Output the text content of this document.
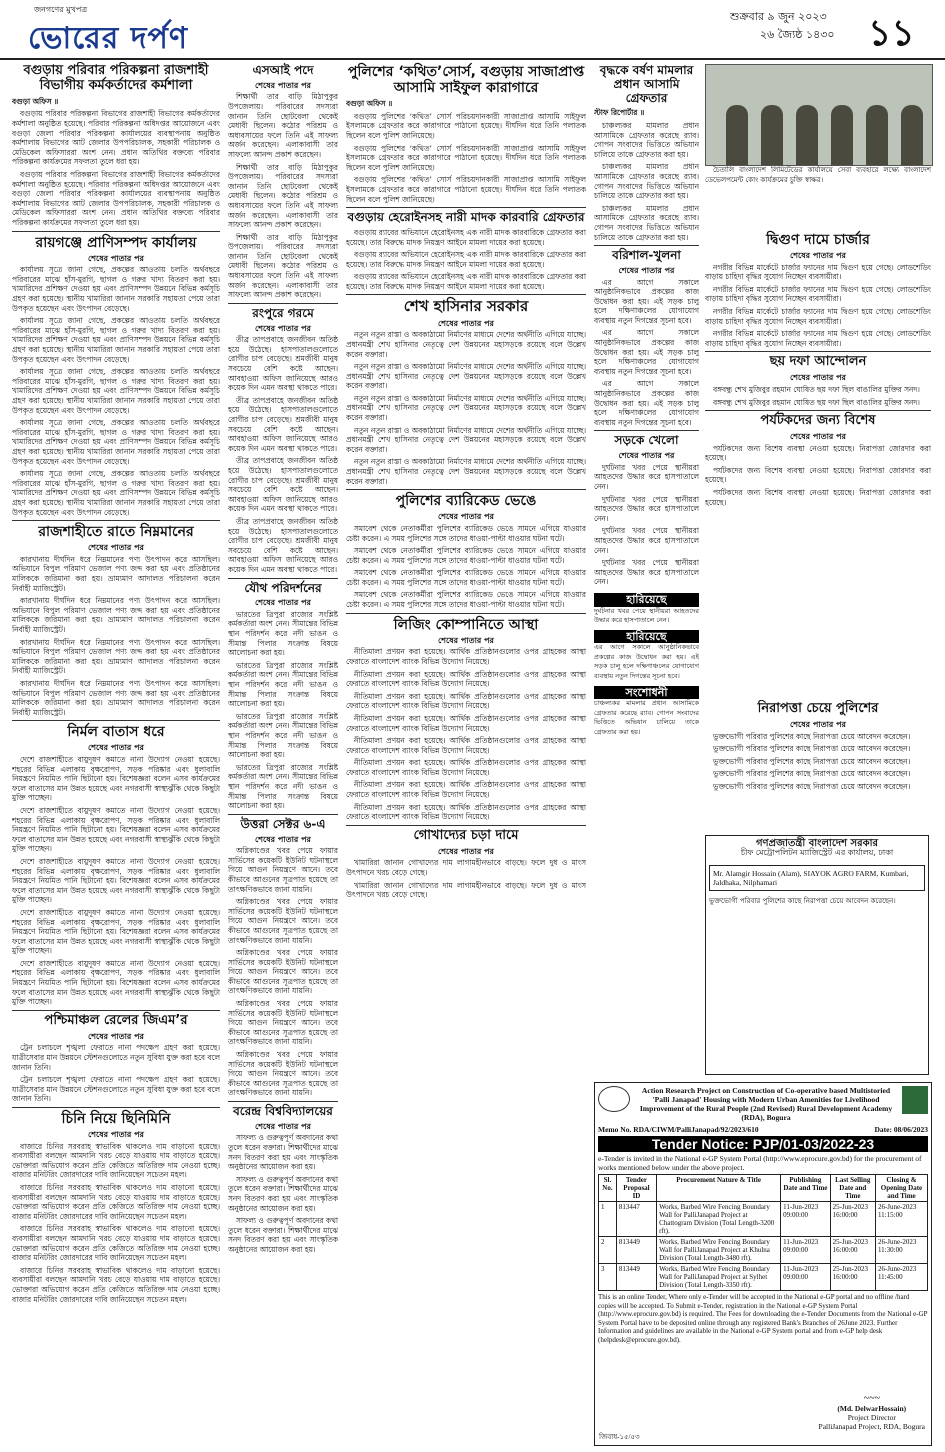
জনগণের মুখপত্র
ভোরের দর্পণ
শুক্রবার ৯ জুন ২০২৩
২৬ জ্যৈষ্ঠ ১৪৩০ ১১
বগুড়ায় পরিবার পরিকল্পনা রাজশাহী বিভাগীয় কর্মকর্তাদের কর্মশালা

বগুড়া অফিস ॥

বগুড়ায় পরিবার পরিকল্পনা বিভাগের রাজশাহী বিভাগের কর্মকর্তাদের কর্মশালা অনুষ্ঠিত হয়েছে। পরিবার পরিকল্পনা অধিদপ্তর আয়োজনে এবং বগুড়া জেলা পরিবার পরিকল্পনা কার্যালয়ের ব্যবস্থাপনায় অনুষ্ঠিত কর্মশালায় বিভাগের আট জেলার উপপরিচালক, সহকারী পরিচালক ও মেডিকেল অফিসাররা অংশ নেন। প্রধান অতিথির বক্তব্যে পরিবার পরিকল্পনা কার্যক্রমের সফলতা তুলে ধরা হয়।

বগুড়ায় পরিবার পরিকল্পনা বিভাগের রাজশাহী বিভাগের কর্মকর্তাদের কর্মশালা অনুষ্ঠিত হয়েছে। পরিবার পরিকল্পনা অধিদপ্তর আয়োজনে এবং বগুড়া জেলা পরিবার পরিকল্পনা কার্যালয়ের ব্যবস্থাপনায় অনুষ্ঠিত কর্মশালায় বিভাগের আট জেলার উপপরিচালক, সহকারী পরিচালক ও মেডিকেল অফিসাররা অংশ নেন। প্রধান অতিথির বক্তব্যে পরিবার পরিকল্পনা কার্যক্রমের সফলতা তুলে ধরা হয়।

রায়গঞ্জে প্রাণিসম্পদ কার্যালয়
শেষের পাতার পর

কার্যালয় সূত্রে জানা গেছে, প্রকল্পের আওতায় চলতি অর্থবছরে পরিবারের মাঝে হাঁস-মুরগি, ছাগল ও গরুর খাদ্য বিতরণ করা হয়। খামারিদের প্রশিক্ষণ দেওয়া হয় এবং প্রাণিসম্পদ উন্নয়নে বিভিন্ন কর্মসূচি গ্রহণ করা হয়েছে। স্থানীয় খামারিরা জানান সরকারি সহায়তা পেয়ে তারা উপকৃত হয়েছেন এবং উৎপাদন বেড়েছে।

কার্যালয় সূত্রে জানা গেছে, প্রকল্পের আওতায় চলতি অর্থবছরে পরিবারের মাঝে হাঁস-মুরগি, ছাগল ও গরুর খাদ্য বিতরণ করা হয়। খামারিদের প্রশিক্ষণ দেওয়া হয় এবং প্রাণিসম্পদ উন্নয়নে বিভিন্ন কর্মসূচি গ্রহণ করা হয়েছে। স্থানীয় খামারিরা জানান সরকারি সহায়তা পেয়ে তারা উপকৃত হয়েছেন এবং উৎপাদন বেড়েছে।

কার্যালয় সূত্রে জানা গেছে, প্রকল্পের আওতায় চলতি অর্থবছরে পরিবারের মাঝে হাঁস-মুরগি, ছাগল ও গরুর খাদ্য বিতরণ করা হয়। খামারিদের প্রশিক্ষণ দেওয়া হয় এবং প্রাণিসম্পদ উন্নয়নে বিভিন্ন কর্মসূচি গ্রহণ করা হয়েছে। স্থানীয় খামারিরা জানান সরকারি সহায়তা পেয়ে তারা উপকৃত হয়েছেন এবং উৎপাদন বেড়েছে।

কার্যালয় সূত্রে জানা গেছে, প্রকল্পের আওতায় চলতি অর্থবছরে পরিবারের মাঝে হাঁস-মুরগি, ছাগল ও গরুর খাদ্য বিতরণ করা হয়। খামারিদের প্রশিক্ষণ দেওয়া হয় এবং প্রাণিসম্পদ উন্নয়নে বিভিন্ন কর্মসূচি গ্রহণ করা হয়েছে। স্থানীয় খামারিরা জানান সরকারি সহায়তা পেয়ে তারা উপকৃত হয়েছেন এবং উৎপাদন বেড়েছে।

কার্যালয় সূত্রে জানা গেছে, প্রকল্পের আওতায় চলতি অর্থবছরে পরিবারের মাঝে হাঁস-মুরগি, ছাগল ও গরুর খাদ্য বিতরণ করা হয়। খামারিদের প্রশিক্ষণ দেওয়া হয় এবং প্রাণিসম্পদ উন্নয়নে বিভিন্ন কর্মসূচি গ্রহণ করা হয়েছে। স্থানীয় খামারিরা জানান সরকারি সহায়তা পেয়ে তারা উপকৃত হয়েছেন এবং উৎপাদন বেড়েছে।

রাজশাহীতে রাতে নিম্নমানের
শেষের পাতার পর

কারখানায় দীর্ঘদিন ধরে নিম্নমানের পণ্য উৎপাদন করে আসছিল। অভিযানে বিপুল পরিমাণ ভেজাল পণ্য জব্দ করা হয় এবং প্রতিষ্ঠানের মালিককে জরিমানা করা হয়। ভ্রাম্যমাণ আদালত পরিচালনা করেন নির্বাহী ম্যাজিস্ট্রেট।

কারখানায় দীর্ঘদিন ধরে নিম্নমানের পণ্য উৎপাদন করে আসছিল। অভিযানে বিপুল পরিমাণ ভেজাল পণ্য জব্দ করা হয় এবং প্রতিষ্ঠানের মালিককে জরিমানা করা হয়। ভ্রাম্যমাণ আদালত পরিচালনা করেন নির্বাহী ম্যাজিস্ট্রেট।

কারখানায় দীর্ঘদিন ধরে নিম্নমানের পণ্য উৎপাদন করে আসছিল। অভিযানে বিপুল পরিমাণ ভেজাল পণ্য জব্দ করা হয় এবং প্রতিষ্ঠানের মালিককে জরিমানা করা হয়। ভ্রাম্যমাণ আদালত পরিচালনা করেন নির্বাহী ম্যাজিস্ট্রেট।

কারখানায় দীর্ঘদিন ধরে নিম্নমানের পণ্য উৎপাদন করে আসছিল। অভিযানে বিপুল পরিমাণ ভেজাল পণ্য জব্দ করা হয় এবং প্রতিষ্ঠানের মালিককে জরিমানা করা হয়। ভ্রাম্যমাণ আদালত পরিচালনা করেন নির্বাহী ম্যাজিস্ট্রেট।

নির্মল বাতাস ধরে
শেষের পাতার পর

দেশে রাজশাহীতে বায়ুদূষণ কমাতে নানা উদ্যোগ নেওয়া হয়েছে। শহরের বিভিন্ন এলাকায় বৃক্ষরোপণ, সড়ক পরিষ্কার এবং ধুলাবালি নিয়ন্ত্রণে নিয়মিত পানি ছিটানো হয়। বিশেষজ্ঞরা বলেন এসব কার্যক্রমের ফলে বাতাসের মান উন্নত হয়েছে এবং নগরবাসী স্বাস্থ্যঝুঁকি থেকে কিছুটা মুক্তি পাচ্ছেন।

দেশে রাজশাহীতে বায়ুদূষণ কমাতে নানা উদ্যোগ নেওয়া হয়েছে। শহরের বিভিন্ন এলাকায় বৃক্ষরোপণ, সড়ক পরিষ্কার এবং ধুলাবালি নিয়ন্ত্রণে নিয়মিত পানি ছিটানো হয়। বিশেষজ্ঞরা বলেন এসব কার্যক্রমের ফলে বাতাসের মান উন্নত হয়েছে এবং নগরবাসী স্বাস্থ্যঝুঁকি থেকে কিছুটা মুক্তি পাচ্ছেন।

দেশে রাজশাহীতে বায়ুদূষণ কমাতে নানা উদ্যোগ নেওয়া হয়েছে। শহরের বিভিন্ন এলাকায় বৃক্ষরোপণ, সড়ক পরিষ্কার এবং ধুলাবালি নিয়ন্ত্রণে নিয়মিত পানি ছিটানো হয়। বিশেষজ্ঞরা বলেন এসব কার্যক্রমের ফলে বাতাসের মান উন্নত হয়েছে এবং নগরবাসী স্বাস্থ্যঝুঁকি থেকে কিছুটা মুক্তি পাচ্ছেন।

দেশে রাজশাহীতে বায়ুদূষণ কমাতে নানা উদ্যোগ নেওয়া হয়েছে। শহরের বিভিন্ন এলাকায় বৃক্ষরোপণ, সড়ক পরিষ্কার এবং ধুলাবালি নিয়ন্ত্রণে নিয়মিত পানি ছিটানো হয়। বিশেষজ্ঞরা বলেন এসব কার্যক্রমের ফলে বাতাসের মান উন্নত হয়েছে এবং নগরবাসী স্বাস্থ্যঝুঁকি থেকে কিছুটা মুক্তি পাচ্ছেন।

দেশে রাজশাহীতে বায়ুদূষণ কমাতে নানা উদ্যোগ নেওয়া হয়েছে। শহরের বিভিন্ন এলাকায় বৃক্ষরোপণ, সড়ক পরিষ্কার এবং ধুলাবালি নিয়ন্ত্রণে নিয়মিত পানি ছিটানো হয়। বিশেষজ্ঞরা বলেন এসব কার্যক্রমের ফলে বাতাসের মান উন্নত হয়েছে এবং নগরবাসী স্বাস্থ্যঝুঁকি থেকে কিছুটা মুক্তি পাচ্ছেন।

পশ্চিমাঞ্চল রেলের জিএম’র
শেষের পাতার পর

ট্রেন চলাচলে শৃঙ্খলা ফেরাতে নানা পদক্ষেপ গ্রহণ করা হয়েছে। যাত্রীসেবার মান উন্নয়নে স্টেশনগুলোতে নতুন সুবিধা যুক্ত করা হবে বলে জানান তিনি।

ট্রেন চলাচলে শৃঙ্খলা ফেরাতে নানা পদক্ষেপ গ্রহণ করা হয়েছে। যাত্রীসেবার মান উন্নয়নে স্টেশনগুলোতে নতুন সুবিধা যুক্ত করা হবে বলে জানান তিনি।

চিনি নিয়ে ছিনিমিনি
শেষের পাতার পর

বাজারে চিনির সরবরাহ স্বাভাবিক থাকলেও দাম বাড়ানো হয়েছে। ব্যবসায়ীরা বলছেন আমদানি খরচ বেড়ে যাওয়ায় দাম বাড়াতে হয়েছে। ভোক্তারা অভিযোগ করেন প্রতি কেজিতে অতিরিক্ত দাম নেওয়া হচ্ছে। বাজার মনিটরিং জোরদারের দাবি জানিয়েছেন সচেতন মহল।

বাজারে চিনির সরবরাহ স্বাভাবিক থাকলেও দাম বাড়ানো হয়েছে। ব্যবসায়ীরা বলছেন আমদানি খরচ বেড়ে যাওয়ায় দাম বাড়াতে হয়েছে। ভোক্তারা অভিযোগ করেন প্রতি কেজিতে অতিরিক্ত দাম নেওয়া হচ্ছে। বাজার মনিটরিং জোরদারের দাবি জানিয়েছেন সচেতন মহল।

বাজারে চিনির সরবরাহ স্বাভাবিক থাকলেও দাম বাড়ানো হয়েছে। ব্যবসায়ীরা বলছেন আমদানি খরচ বেড়ে যাওয়ায় দাম বাড়াতে হয়েছে। ভোক্তারা অভিযোগ করেন প্রতি কেজিতে অতিরিক্ত দাম নেওয়া হচ্ছে। বাজার মনিটরিং জোরদারের দাবি জানিয়েছেন সচেতন মহল।

বাজারে চিনির সরবরাহ স্বাভাবিক থাকলেও দাম বাড়ানো হয়েছে। ব্যবসায়ীরা বলছেন আমদানি খরচ বেড়ে যাওয়ায় দাম বাড়াতে হয়েছে। ভোক্তারা অভিযোগ করেন প্রতি কেজিতে অতিরিক্ত দাম নেওয়া হচ্ছে। বাজার মনিটরিং জোরদারের দাবি জানিয়েছেন সচেতন মহল।

এসআই পদে
শেষের পাতার পর

শিক্ষার্থী তার বাড়ি মিঠাপুকুর উপজেলায়। পরিবারের সদস্যরা জানান তিনি ছোটবেলা থেকেই মেধাবী ছিলেন। কঠোর পরিশ্রম ও অধ্যবসায়ের ফলে তিনি এই সাফল্য অর্জন করেছেন। এলাকাবাসী তার সাফল্যে আনন্দ প্রকাশ করেছেন।

শিক্ষার্থী তার বাড়ি মিঠাপুকুর উপজেলায়। পরিবারের সদস্যরা জানান তিনি ছোটবেলা থেকেই মেধাবী ছিলেন। কঠোর পরিশ্রম ও অধ্যবসায়ের ফলে তিনি এই সাফল্য অর্জন করেছেন। এলাকাবাসী তার সাফল্যে আনন্দ প্রকাশ করেছেন।

শিক্ষার্থী তার বাড়ি মিঠাপুকুর উপজেলায়। পরিবারের সদস্যরা জানান তিনি ছোটবেলা থেকেই মেধাবী ছিলেন। কঠোর পরিশ্রম ও অধ্যবসায়ের ফলে তিনি এই সাফল্য অর্জন করেছেন। এলাকাবাসী তার সাফল্যে আনন্দ প্রকাশ করেছেন।

রংপুরে গরমে
শেষের পাতার পর

তীব্র তাপপ্রবাহে জনজীবন অতিষ্ঠ হয়ে উঠেছে। হাসপাতালগুলোতে রোগীর চাপ বেড়েছে। শ্রমজীবী মানুষ সবচেয়ে বেশি কষ্টে আছেন। আবহাওয়া অফিস জানিয়েছে আরও কয়েক দিন এমন অবস্থা থাকতে পারে।

তীব্র তাপপ্রবাহে জনজীবন অতিষ্ঠ হয়ে উঠেছে। হাসপাতালগুলোতে রোগীর চাপ বেড়েছে। শ্রমজীবী মানুষ সবচেয়ে বেশি কষ্টে আছেন। আবহাওয়া অফিস জানিয়েছে আরও কয়েক দিন এমন অবস্থা থাকতে পারে।

তীব্র তাপপ্রবাহে জনজীবন অতিষ্ঠ হয়ে উঠেছে। হাসপাতালগুলোতে রোগীর চাপ বেড়েছে। শ্রমজীবী মানুষ সবচেয়ে বেশি কষ্টে আছেন। আবহাওয়া অফিস জানিয়েছে আরও কয়েক দিন এমন অবস্থা থাকতে পারে।

তীব্র তাপপ্রবাহে জনজীবন অতিষ্ঠ হয়ে উঠেছে। হাসপাতালগুলোতে রোগীর চাপ বেড়েছে। শ্রমজীবী মানুষ সবচেয়ে বেশি কষ্টে আছেন। আবহাওয়া অফিস জানিয়েছে আরও কয়েক দিন এমন অবস্থা থাকতে পারে।

যৌথ পরিদর্শনের
শেষের পাতার পর

ভারতের ত্রিপুরা রাজ্যের সংশ্লিষ্ট কর্মকর্তারা অংশ নেন। সীমান্তের বিভিন্ন স্থান পরিদর্শন করে নদী ভাঙন ও সীমান্ত পিলার সংক্রান্ত বিষয়ে আলোচনা করা হয়।

ভারতের ত্রিপুরা রাজ্যের সংশ্লিষ্ট কর্মকর্তারা অংশ নেন। সীমান্তের বিভিন্ন স্থান পরিদর্শন করে নদী ভাঙন ও সীমান্ত পিলার সংক্রান্ত বিষয়ে আলোচনা করা হয়।

ভারতের ত্রিপুরা রাজ্যের সংশ্লিষ্ট কর্মকর্তারা অংশ নেন। সীমান্তের বিভিন্ন স্থান পরিদর্শন করে নদী ভাঙন ও সীমান্ত পিলার সংক্রান্ত বিষয়ে আলোচনা করা হয়।

ভারতের ত্রিপুরা রাজ্যের সংশ্লিষ্ট কর্মকর্তারা অংশ নেন। সীমান্তের বিভিন্ন স্থান পরিদর্শন করে নদী ভাঙন ও সীমান্ত পিলার সংক্রান্ত বিষয়ে আলোচনা করা হয়।

উত্তরা সেক্টর ৬-এ
শেষের পাতার পর

অগ্নিকাণ্ডের খবর পেয়ে ফায়ার সার্ভিসের কয়েকটি ইউনিট ঘটনাস্থলে গিয়ে আগুন নিয়ন্ত্রণে আনে। তবে কীভাবে আগুনের সূত্রপাত হয়েছে তা তাৎক্ষণিকভাবে জানা যায়নি।

অগ্নিকাণ্ডের খবর পেয়ে ফায়ার সার্ভিসের কয়েকটি ইউনিট ঘটনাস্থলে গিয়ে আগুন নিয়ন্ত্রণে আনে। তবে কীভাবে আগুনের সূত্রপাত হয়েছে তা তাৎক্ষণিকভাবে জানা যায়নি।

অগ্নিকাণ্ডের খবর পেয়ে ফায়ার সার্ভিসের কয়েকটি ইউনিট ঘটনাস্থলে গিয়ে আগুন নিয়ন্ত্রণে আনে। তবে কীভাবে আগুনের সূত্রপাত হয়েছে তা তাৎক্ষণিকভাবে জানা যায়নি।

অগ্নিকাণ্ডের খবর পেয়ে ফায়ার সার্ভিসের কয়েকটি ইউনিট ঘটনাস্থলে গিয়ে আগুন নিয়ন্ত্রণে আনে। তবে কীভাবে আগুনের সূত্রপাত হয়েছে তা তাৎক্ষণিকভাবে জানা যায়নি।

অগ্নিকাণ্ডের খবর পেয়ে ফায়ার সার্ভিসের কয়েকটি ইউনিট ঘটনাস্থলে গিয়ে আগুন নিয়ন্ত্রণে আনে। তবে কীভাবে আগুনের সূত্রপাত হয়েছে তা তাৎক্ষণিকভাবে জানা যায়নি।

বরেন্দ্র বিশ্ববিদ্যালয়ের
শেষের পাতার পর

সাফল্য ও গুরুত্বপূর্ণ অবদানের কথা তুলে ধরেন বক্তারা। শিক্ষার্থীদের মাঝে সনদ বিতরণ করা হয় এবং সাংস্কৃতিক অনুষ্ঠানের আয়োজন করা হয়।

সাফল্য ও গুরুত্বপূর্ণ অবদানের কথা তুলে ধরেন বক্তারা। শিক্ষার্থীদের মাঝে সনদ বিতরণ করা হয় এবং সাংস্কৃতিক অনুষ্ঠানের আয়োজন করা হয়।

সাফল্য ও গুরুত্বপূর্ণ অবদানের কথা তুলে ধরেন বক্তারা। শিক্ষার্থীদের মাঝে সনদ বিতরণ করা হয় এবং সাংস্কৃতিক অনুষ্ঠানের আয়োজন করা হয়।

পুলিশের ‘কথিত’সোর্স, বগুড়ায় সাজাপ্রাপ্ত আসামি সাইফুল কারাগারে

বগুড়া অফিস ॥

বগুড়ায় পুলিশের ‘কথিত’ সোর্স পরিচয়দানকারী সাজাপ্রাপ্ত আসামি সাইফুল ইসলামকে গ্রেফতার করে কারাগারে পাঠানো হয়েছে। দীর্ঘদিন ধরে তিনি পলাতক ছিলেন বলে পুলিশ জানিয়েছে।

বগুড়ায় পুলিশের ‘কথিত’ সোর্স পরিচয়দানকারী সাজাপ্রাপ্ত আসামি সাইফুল ইসলামকে গ্রেফতার করে কারাগারে পাঠানো হয়েছে। দীর্ঘদিন ধরে তিনি পলাতক ছিলেন বলে পুলিশ জানিয়েছে।

বগুড়ায় পুলিশের ‘কথিত’ সোর্স পরিচয়দানকারী সাজাপ্রাপ্ত আসামি সাইফুল ইসলামকে গ্রেফতার করে কারাগারে পাঠানো হয়েছে। দীর্ঘদিন ধরে তিনি পলাতক ছিলেন বলে পুলিশ জানিয়েছে।

বগুড়ায় হেরোইনসহ নারী মাদক কারবারি গ্রেফতার

বগুড়ায় র‌্যাবের অভিযানে হেরোইনসহ এক নারী মাদক কারবারিকে গ্রেফতার করা হয়েছে। তার বিরুদ্ধে মাদক নিয়ন্ত্রণ আইনে মামলা দায়ের করা হয়েছে।

বগুড়ায় র‌্যাবের অভিযানে হেরোইনসহ এক নারী মাদক কারবারিকে গ্রেফতার করা হয়েছে। তার বিরুদ্ধে মাদক নিয়ন্ত্রণ আইনে মামলা দায়ের করা হয়েছে।

বগুড়ায় র‌্যাবের অভিযানে হেরোইনসহ এক নারী মাদক কারবারিকে গ্রেফতার করা হয়েছে। তার বিরুদ্ধে মাদক নিয়ন্ত্রণ আইনে মামলা দায়ের করা হয়েছে।

শেখ হাসিনার সরকার
শেষের পাতার পর

নতুন নতুন রাস্তা ও অবকাঠামো নির্মাণের মাধ্যমে দেশের অর্থনীতি এগিয়ে যাচ্ছে। প্রধানমন্ত্রী শেখ হাসিনার নেতৃত্বে দেশ উন্নয়নের মহাসড়কে রয়েছে বলে উল্লেখ করেন বক্তারা।

নতুন নতুন রাস্তা ও অবকাঠামো নির্মাণের মাধ্যমে দেশের অর্থনীতি এগিয়ে যাচ্ছে। প্রধানমন্ত্রী শেখ হাসিনার নেতৃত্বে দেশ উন্নয়নের মহাসড়কে রয়েছে বলে উল্লেখ করেন বক্তারা।

নতুন নতুন রাস্তা ও অবকাঠামো নির্মাণের মাধ্যমে দেশের অর্থনীতি এগিয়ে যাচ্ছে। প্রধানমন্ত্রী শেখ হাসিনার নেতৃত্বে দেশ উন্নয়নের মহাসড়কে রয়েছে বলে উল্লেখ করেন বক্তারা।

নতুন নতুন রাস্তা ও অবকাঠামো নির্মাণের মাধ্যমে দেশের অর্থনীতি এগিয়ে যাচ্ছে। প্রধানমন্ত্রী শেখ হাসিনার নেতৃত্বে দেশ উন্নয়নের মহাসড়কে রয়েছে বলে উল্লেখ করেন বক্তারা।

নতুন নতুন রাস্তা ও অবকাঠামো নির্মাণের মাধ্যমে দেশের অর্থনীতি এগিয়ে যাচ্ছে। প্রধানমন্ত্রী শেখ হাসিনার নেতৃত্বে দেশ উন্নয়নের মহাসড়কে রয়েছে বলে উল্লেখ করেন বক্তারা।

পুলিশের ব্যারিকেড ভেঙে
শেষের পাতার পর

সমাবেশ থেকে নেতাকর্মীরা পুলিশের ব্যারিকেড ভেঙে সামনে এগিয়ে যাওয়ার চেষ্টা করেন। এ সময় পুলিশের সঙ্গে তাদের ধাওয়া-পাল্টা ধাওয়ার ঘটনা ঘটে।

সমাবেশ থেকে নেতাকর্মীরা পুলিশের ব্যারিকেড ভেঙে সামনে এগিয়ে যাওয়ার চেষ্টা করেন। এ সময় পুলিশের সঙ্গে তাদের ধাওয়া-পাল্টা ধাওয়ার ঘটনা ঘটে।

সমাবেশ থেকে নেতাকর্মীরা পুলিশের ব্যারিকেড ভেঙে সামনে এগিয়ে যাওয়ার চেষ্টা করেন। এ সময় পুলিশের সঙ্গে তাদের ধাওয়া-পাল্টা ধাওয়ার ঘটনা ঘটে।

সমাবেশ থেকে নেতাকর্মীরা পুলিশের ব্যারিকেড ভেঙে সামনে এগিয়ে যাওয়ার চেষ্টা করেন। এ সময় পুলিশের সঙ্গে তাদের ধাওয়া-পাল্টা ধাওয়ার ঘটনা ঘটে।

লিজিং কোম্পানিতে আস্থা
শেষের পাতার পর

নীতিমালা প্রণয়ন করা হয়েছে। আর্থিক প্রতিষ্ঠানগুলোর ওপর গ্রাহকের আস্থা ফেরাতে বাংলাদেশ ব্যাংক বিভিন্ন উদ্যোগ নিয়েছে।

নীতিমালা প্রণয়ন করা হয়েছে। আর্থিক প্রতিষ্ঠানগুলোর ওপর গ্রাহকের আস্থা ফেরাতে বাংলাদেশ ব্যাংক বিভিন্ন উদ্যোগ নিয়েছে।

নীতিমালা প্রণয়ন করা হয়েছে। আর্থিক প্রতিষ্ঠানগুলোর ওপর গ্রাহকের আস্থা ফেরাতে বাংলাদেশ ব্যাংক বিভিন্ন উদ্যোগ নিয়েছে।

নীতিমালা প্রণয়ন করা হয়েছে। আর্থিক প্রতিষ্ঠানগুলোর ওপর গ্রাহকের আস্থা ফেরাতে বাংলাদেশ ব্যাংক বিভিন্ন উদ্যোগ নিয়েছে।

নীতিমালা প্রণয়ন করা হয়েছে। আর্থিক প্রতিষ্ঠানগুলোর ওপর গ্রাহকের আস্থা ফেরাতে বাংলাদেশ ব্যাংক বিভিন্ন উদ্যোগ নিয়েছে।

নীতিমালা প্রণয়ন করা হয়েছে। আর্থিক প্রতিষ্ঠানগুলোর ওপর গ্রাহকের আস্থা ফেরাতে বাংলাদেশ ব্যাংক বিভিন্ন উদ্যোগ নিয়েছে।

নীতিমালা প্রণয়ন করা হয়েছে। আর্থিক প্রতিষ্ঠানগুলোর ওপর গ্রাহকের আস্থা ফেরাতে বাংলাদেশ ব্যাংক বিভিন্ন উদ্যোগ নিয়েছে।

নীতিমালা প্রণয়ন করা হয়েছে। আর্থিক প্রতিষ্ঠানগুলোর ওপর গ্রাহকের আস্থা ফেরাতে বাংলাদেশ ব্যাংক বিভিন্ন উদ্যোগ নিয়েছে।

গোখাদ্যের চড়া দামে
শেষের পাতার পর

খামারিরা জানান গোখাদ্যের দাম লাগামহীনভাবে বাড়ছে। ফলে দুধ ও মাংস উৎপাদনে খরচ বেড়ে গেছে।

খামারিরা জানান গোখাদ্যের দাম লাগামহীনভাবে বাড়ছে। ফলে দুধ ও মাংস উৎপাদনে খরচ বেড়ে গেছে।

বৃদ্ধকে বর্ষণ মামলার প্রধান আসামি গ্রেফতার

স্টাফ রিপোর্টার ॥

চাঞ্চল্যকর মামলার প্রধান আসামিকে গ্রেফতার করেছে র‌্যাব। গোপন সংবাদের ভিত্তিতে অভিযান চালিয়ে তাকে গ্রেফতার করা হয়।

চাঞ্চল্যকর মামলার প্রধান আসামিকে গ্রেফতার করেছে র‌্যাব। গোপন সংবাদের ভিত্তিতে অভিযান চালিয়ে তাকে গ্রেফতার করা হয়।

চাঞ্চল্যকর মামলার প্রধান আসামিকে গ্রেফতার করেছে র‌্যাব। গোপন সংবাদের ভিত্তিতে অভিযান চালিয়ে তাকে গ্রেফতার করা হয়।

বরিশাল-খুলনা
শেষের পাতার পর

এর আগে সকালে আনুষ্ঠানিকভাবে প্রকল্পের কাজ উদ্বোধন করা হয়। এই সড়ক চালু হলে দক্ষিণাঞ্চলের যোগাযোগ ব্যবস্থায় নতুন দিগন্তের সূচনা হবে।

এর আগে সকালে আনুষ্ঠানিকভাবে প্রকল্পের কাজ উদ্বোধন করা হয়। এই সড়ক চালু হলে দক্ষিণাঞ্চলের যোগাযোগ ব্যবস্থায় নতুন দিগন্তের সূচনা হবে।

এর আগে সকালে আনুষ্ঠানিকভাবে প্রকল্পের কাজ উদ্বোধন করা হয়। এই সড়ক চালু হলে দক্ষিণাঞ্চলের যোগাযোগ ব্যবস্থায় নতুন দিগন্তের সূচনা হবে।

সড়কে খেলো
শেষের পাতার পর

দুর্ঘটনার খবর পেয়ে স্থানীয়রা আহতদের উদ্ধার করে হাসপাতালে নেন।

দুর্ঘটনার খবর পেয়ে স্থানীয়রা আহতদের উদ্ধার করে হাসপাতালে নেন।

দুর্ঘটনার খবর পেয়ে স্থানীয়রা আহতদের উদ্ধার করে হাসপাতালে নেন।

দুর্ঘটনার খবর পেয়ে স্থানীয়রা আহতদের উদ্ধার করে হাসপাতালে নেন।

হারিয়েছে

দুর্ঘটনার খবর পেয়ে স্থানীয়রা আহতদের উদ্ধার করে হাসপাতালে নেন।

হারিয়েছে

এর আগে সকালে আনুষ্ঠানিকভাবে প্রকল্পের কাজ উদ্বোধন করা হয়। এই সড়ক চালু হলে দক্ষিণাঞ্চলের যোগাযোগ ব্যবস্থায় নতুন দিগন্তের সূচনা হবে।

সংশোধনী

চাঞ্চল্যকর মামলার প্রধান আসামিকে গ্রেফতার করেছে র‌্যাব। গোপন সংবাদের ভিত্তিতে অভিযান চালিয়ে তাকে গ্রেফতার করা হয়।

চৈতালি বাংলাদেশ লিমিটেডের কার্যালয়ে সেবা ব্যবহারে লক্ষ্যে বাংলাদেশ ডেভেলপমেন্ট কোং কার্যক্রমের চুক্তি স্বাক্ষর।

দ্বিগুণ দামে চার্জার
শেষের পাতার পর

নগরীর বিভিন্ন মার্কেটে চার্জার ফ্যানের দাম দ্বিগুণ হয়ে গেছে। লোডশেডিং বাড়ায় চাহিদা বৃদ্ধির সুযোগ নিচ্ছেন ব্যবসায়ীরা।

নগরীর বিভিন্ন মার্কেটে চার্জার ফ্যানের দাম দ্বিগুণ হয়ে গেছে। লোডশেডিং বাড়ায় চাহিদা বৃদ্ধির সুযোগ নিচ্ছেন ব্যবসায়ীরা।

নগরীর বিভিন্ন মার্কেটে চার্জার ফ্যানের দাম দ্বিগুণ হয়ে গেছে। লোডশেডিং বাড়ায় চাহিদা বৃদ্ধির সুযোগ নিচ্ছেন ব্যবসায়ীরা।

নগরীর বিভিন্ন মার্কেটে চার্জার ফ্যানের দাম দ্বিগুণ হয়ে গেছে। লোডশেডিং বাড়ায় চাহিদা বৃদ্ধির সুযোগ নিচ্ছেন ব্যবসায়ীরা।

ছয় দফা আন্দোলন
শেষের পাতার পর

বঙ্গবন্ধু শেখ মুজিবুর রহমান ঘোষিত ছয় দফা ছিল বাঙালির মুক্তির সনদ।

বঙ্গবন্ধু শেখ মুজিবুর রহমান ঘোষিত ছয় দফা ছিল বাঙালির মুক্তির সনদ।

পর্যটকদের জন্য বিশেষ
শেষের পাতার পর

পর্যটকদের জন্য বিশেষ ব্যবস্থা নেওয়া হয়েছে। নিরাপত্তা জোরদার করা হয়েছে।

পর্যটকদের জন্য বিশেষ ব্যবস্থা নেওয়া হয়েছে। নিরাপত্তা জোরদার করা হয়েছে।

পর্যটকদের জন্য বিশেষ ব্যবস্থা নেওয়া হয়েছে। নিরাপত্তা জোরদার করা হয়েছে।

নিরাপত্তা চেয়ে পুলিশের
শেষের পাতার পর

ভুক্তভোগী পরিবার পুলিশের কাছে নিরাপত্তা চেয়ে আবেদন করেছেন।

ভুক্তভোগী পরিবার পুলিশের কাছে নিরাপত্তা চেয়ে আবেদন করেছেন।

ভুক্তভোগী পরিবার পুলিশের কাছে নিরাপত্তা চেয়ে আবেদন করেছেন।

ভুক্তভোগী পরিবার পুলিশের কাছে নিরাপত্তা চেয়ে আবেদন করেছেন।

ভুক্তভোগী পরিবার পুলিশের কাছে নিরাপত্তা চেয়ে আবেদন করেছেন।

গণপ্রজাতন্ত্রী বাংলাদেশ সরকার
চীফ মেট্রোপলিটন ম্যাজিস্ট্রেট এর কার্যালয়, ঢাকা
Mr. Alamgir Hossain (Alam), SIAYOK AGRO FARM, Kumbari, Jaldhaka, Nilphamari

ভুক্তভোগী পরিবার পুলিশের কাছে নিরাপত্তা চেয়ে আবেদন করেছেন।

Action Research Project on Construction of Co-operative based Multistoried 'Palli Janapad' Housing with Modern Urban Amenities for Livelihood Improvement of the Rural People (2nd Revised) Rural Development Academy (RDA), Bogura
Memo No. RDA/CIWM/PalliJanapad/92/2023/610	Date: 08/06/2023
Tender Notice: PJP/01-03/2022-23
e-Tender is invited in the National e-GP System Portal (http://www.eprocure.gov.bd) for the procurement of works mentioned below under the above project.
Sl. No.	Tender Proposal ID	Procurement Nature & Title	Publishing Date and Time	Last Selling Date and Time	Closing & Opening Date and Time
1	813447	Works, Barbed Wire Fencing Boundary Wall for PalliJanapad Project at Chattogram Division (Total Length-3200 rft).	11-Jun-2023 09:00:00	25-Jun-2023 16:00:00	26-June-2023 11:15:00
2	813449	Works, Barbed Wire Fencing Boundary Wall for PalliJanapad Project at Khulna Division (Total Length-3480 rft).	11-Jun-2023 09:00:00	25-Jun-2023 16:00:00	26-June-2023 11:30:00
3	813449	Works, Barbed Wire Fencing Boundary Wall for PalliJanapad Project at Sylhet Division (Total Length-3350 rft).	11-Jun-2023 09:00:00	25-Jun-2023 16:00:00	26-June-2023 11:45:00
This is an online Tender, Where only e-Tender will be accepted in the National e-GP portal and no offline /hard copies will be accepted. To Submit e-Tender, registration in the National e-GP System Portal (http://www.eprocure.gov.bd) is required. The Fees for downloading the e-Tender Documents from the National e-GP System Portal have to be deposited online through any registered Bank's Branches of 26June 2023. Further Information and guidelines are available in the National e-GP System portal and from e-GP help desk (helpdesk@eprocure.gov.bd).
~~~
(Md. DelwarHossain)
Project Director
PalliJanapad Project, RDA, Bogura
জিবাধ-১৫/৫৩
